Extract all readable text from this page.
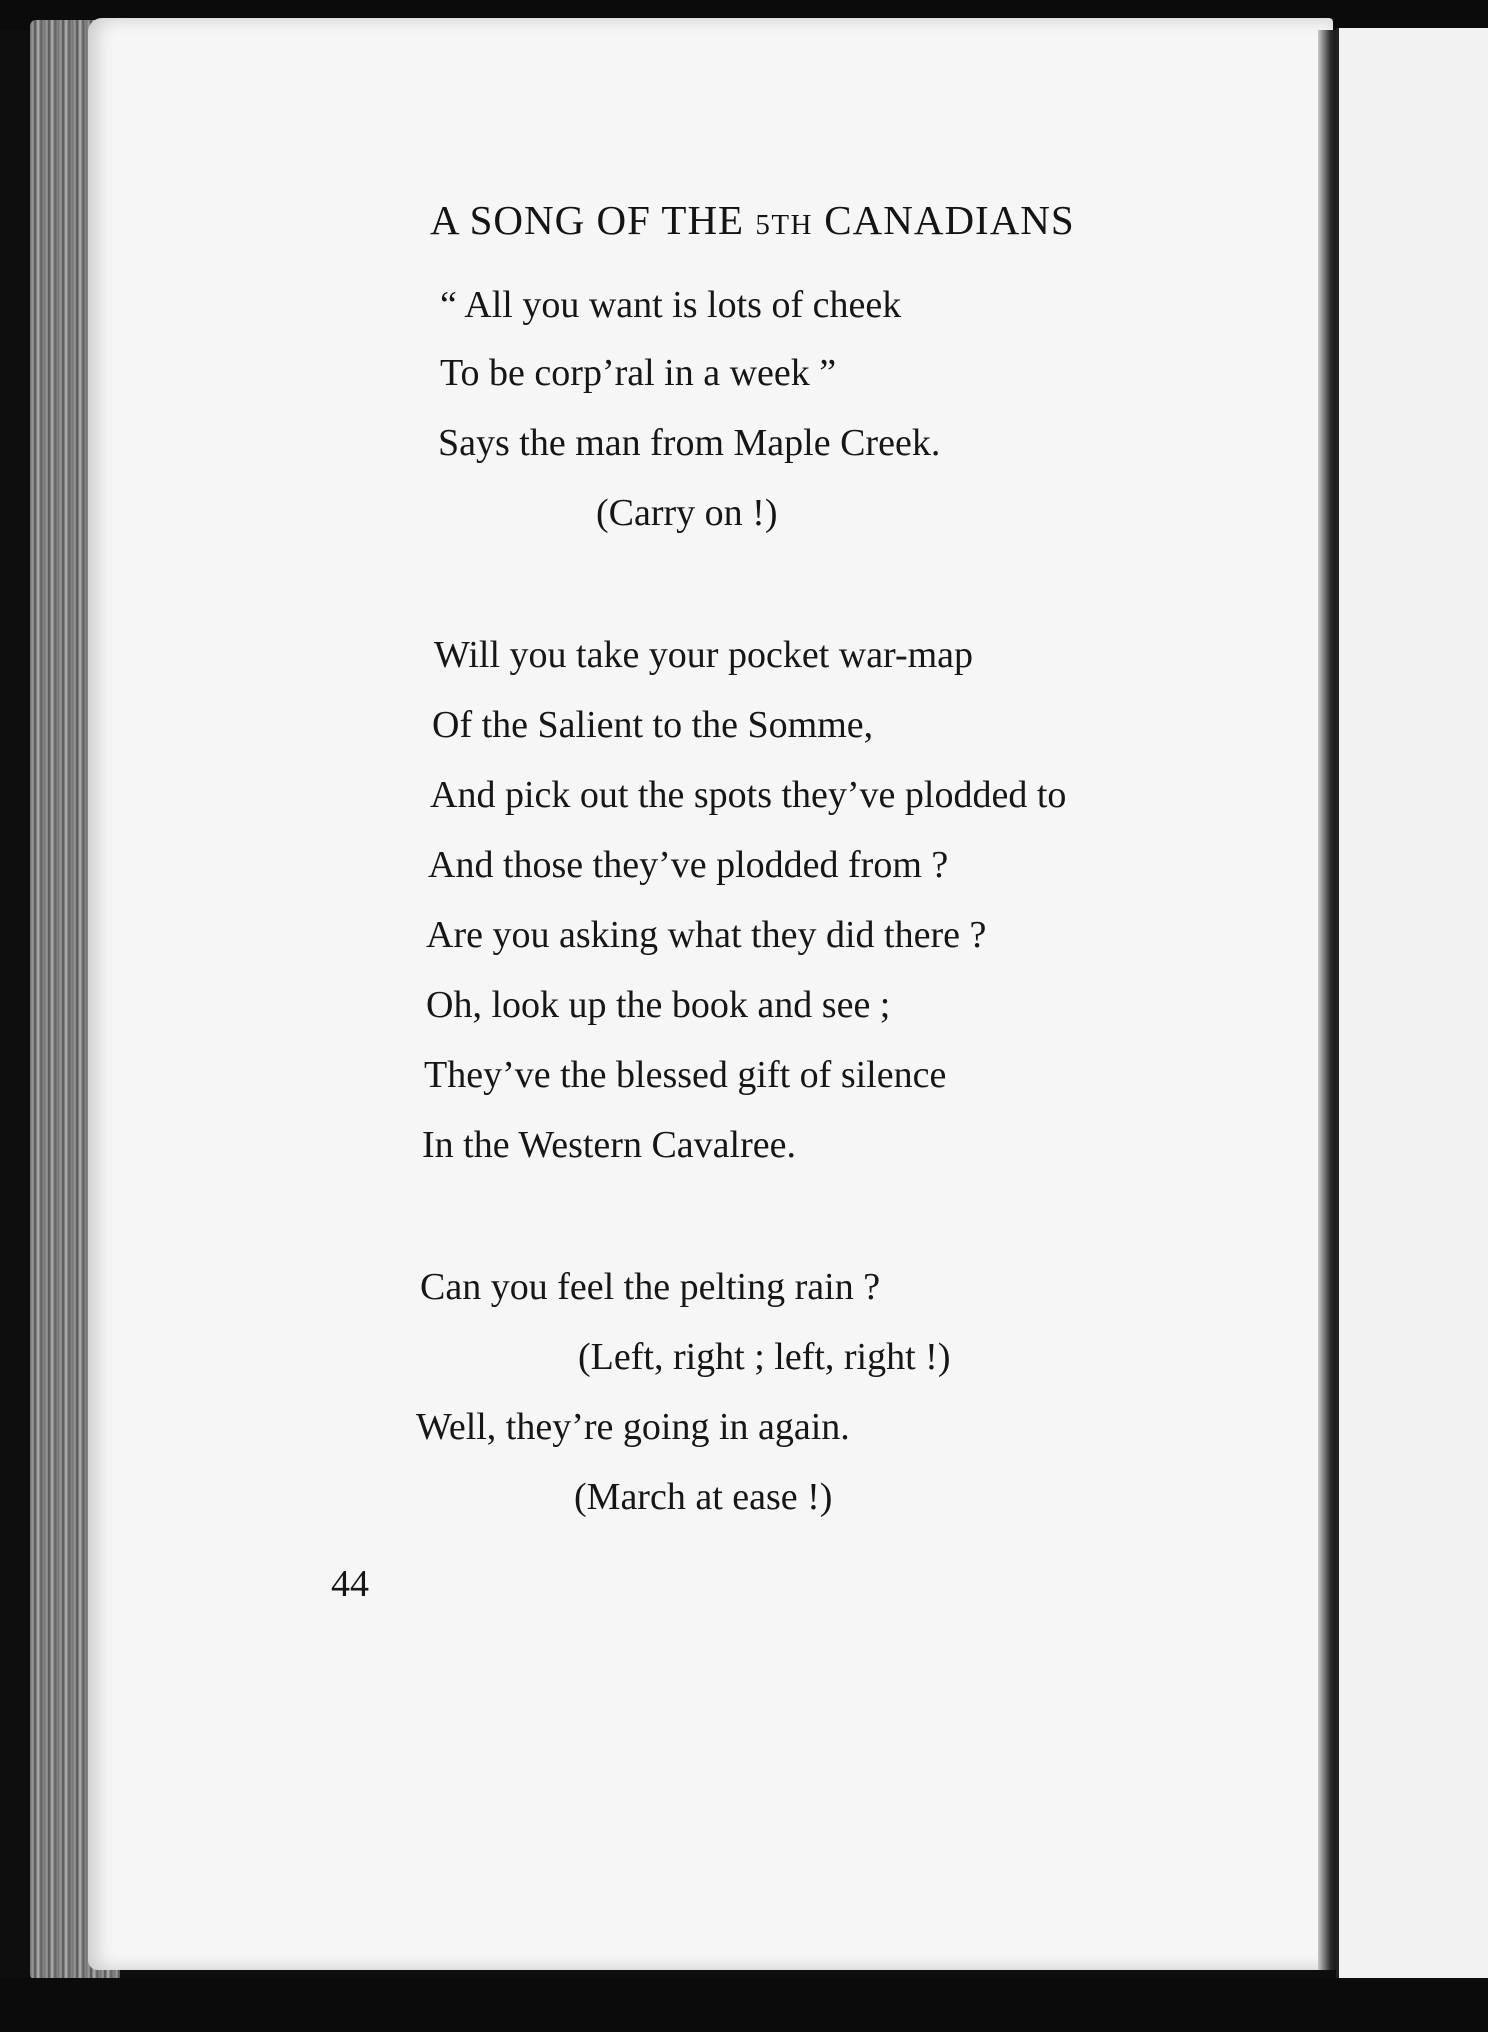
A SONG OF THE 5TH CANADIANS
“ All you want is lots of cheek
To be corp’ral in a week ”
Says the man from Maple Creek.
(Carry on !)
Will you take your pocket war-map
Of the Salient to the Somme,
And pick out the spots they’ve plodded to
And those they’ve plodded from ?
Are you asking what they did there ?
Oh, look up the book and see ;
They’ve the blessed gift of silence
In the Western Cavalree.
Can you feel the pelting rain ?
(Left, right ; left, right !)
Well, they’re going in again.
(March at ease !)
44
